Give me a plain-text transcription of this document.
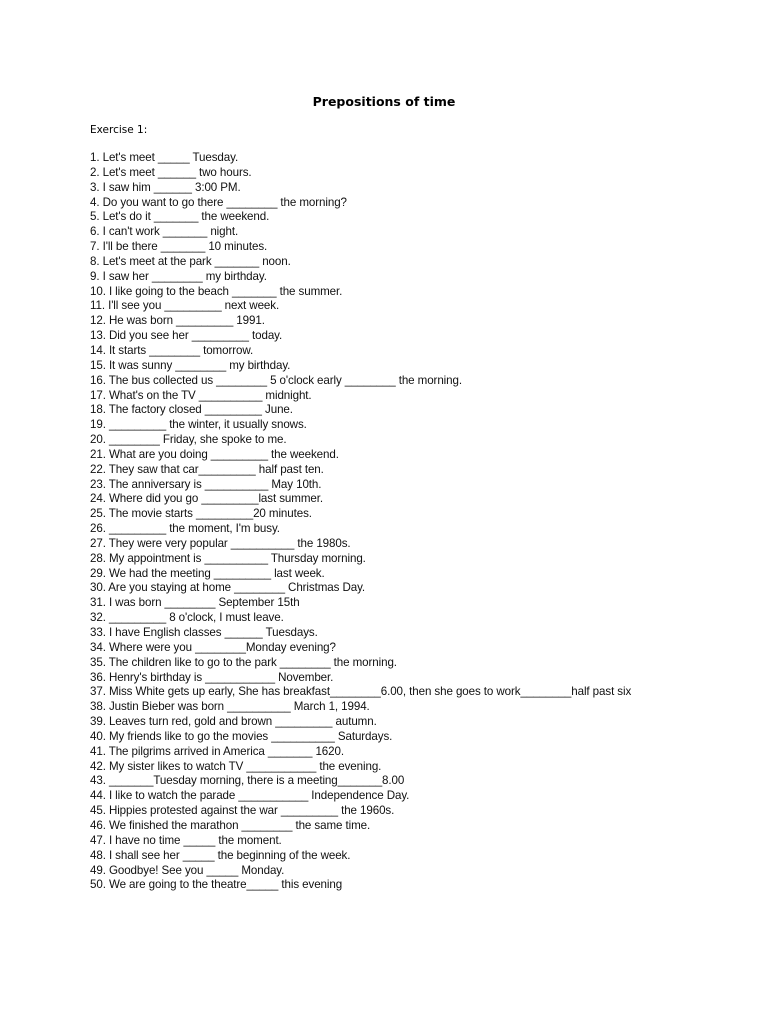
Prepositions of time
Exercise 1:
1. Let's meet _____ Tuesday.
2. Let's meet ______ two hours.
3. I saw him ______ 3:00 PM.
4. Do you want to go there ________ the morning?
5. Let's do it _______ the weekend.
6. I can't work _______ night.
7. I'll be there _______ 10 minutes.
8. Let's meet at the park _______ noon.
9. I saw her ________ my birthday.
10. I like going to the beach _______ the summer.
11. I'll see you _________ next week.
12. He was born _________ 1991.
13. Did you see her _________ today.
14. It starts ________ tomorrow.
15. It was sunny ________ my birthday.
16. The bus collected us ________ 5 o'clock early ________ the morning.
17. What's on the TV __________ midnight.
18. The factory closed _________ June.
19. _________ the winter, it usually snows.
20. ________ Friday, she spoke to me.
21. What are you doing _________ the weekend.
22. They saw that car_________ half past ten.
23. The anniversary is __________ May 10th.
24. Where did you go _________last summer.
25. The movie starts _________20 minutes.
26. _________ the moment, I'm busy.
27. They were very popular __________ the 1980s.
28. My appointment is __________ Thursday morning.
29. We had the meeting _________ last week.
30. Are you staying at home ________ Christmas Day.
31. I was born ________ September 15th
32. _________ 8 o'clock, I must leave.
33. I have English classes ______ Tuesdays.
34. Where were you ________Monday evening?
35. The children like to go to the park ________ the morning.
36. Henry's birthday is ___________ November.
37. Miss White gets up early, She has breakfast________6.00, then she goes to work________half past six
38. Justin Bieber was born __________ March 1, 1994.
39. Leaves turn red, gold and brown _________ autumn.
40. My friends like to go the movies __________ Saturdays.
41. The pilgrims arrived in America _______ 1620.
42. My sister likes to watch TV ___________ the evening.
43. _______Tuesday morning, there is a meeting_______8.00
44. I like to watch the parade ___________ Independence Day.
45. Hippies protested against the war _________ the 1960s.
46. We finished the marathon ________ the same time.
47. I have no time _____ the moment.
48. I shall see her _____ the beginning of the week.
49. Goodbye! See you _____ Monday.
50. We are going to the theatre_____ this evening
